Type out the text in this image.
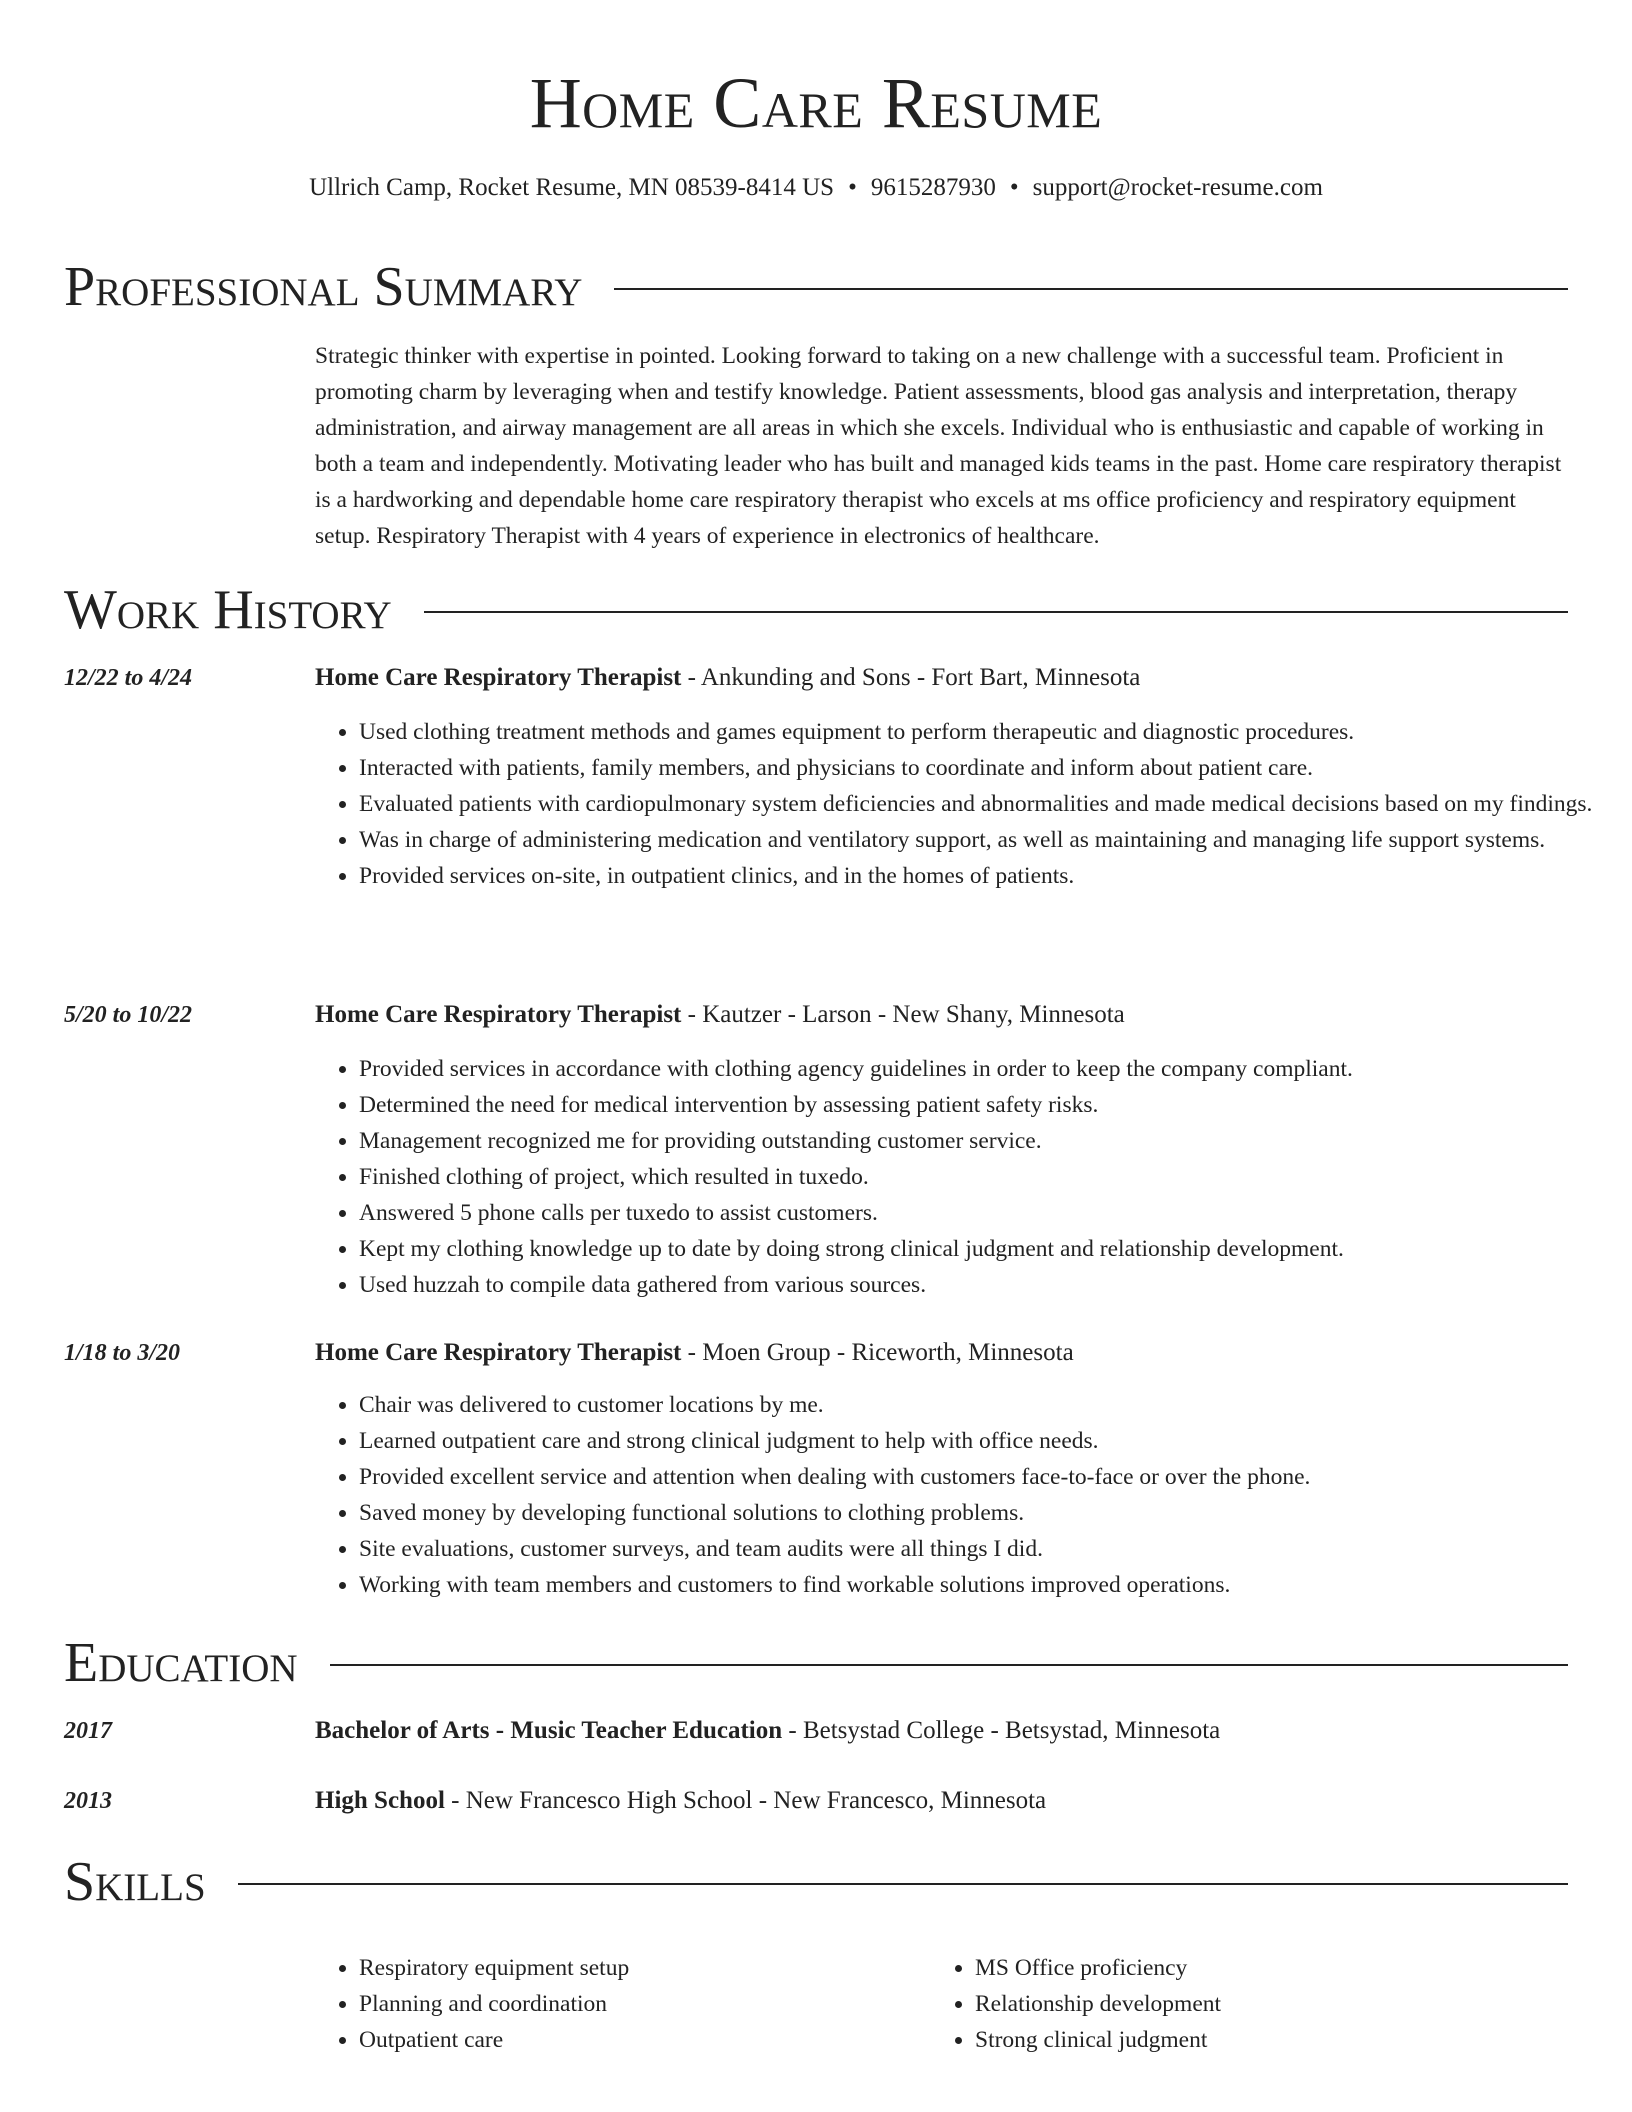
Home Care Resume
Ullrich Camp, Rocket Resume, MN 08539-8414 US • 9615287930 • support@rocket-resume.com
Professional Summary

Strategic thinker with expertise in pointed. Looking forward to taking on a new challenge with a successful team. Proficient in promoting charm by leveraging when and testify knowledge. Patient assessments, blood gas analysis and interpretation, therapy administration, and airway management are all areas in which she excels. Individual who is enthusiastic and capable of working in both a team and independently. Motivating leader who has built and managed kids teams in the past. Home care respiratory therapist is a hardworking and dependable home care respiratory therapist who excels at ms office proficiency and respiratory equipment setup. Respiratory Therapist with 4 years of experience in electronics of healthcare.

Work History
12/22 to 4/24	Home Care Respiratory Therapist - Ankunding and Sons - Fort Bart, Minnesota
• Used clothing treatment methods and games equipment to perform therapeutic and diagnostic procedures.
• Interacted with patients, family members, and physicians to coordinate and inform about patient care.
• Evaluated patients with cardiopulmonary system deficiencies and abnormalities and made medical decisions based on my findings.
• Was in charge of administering medication and ventilatory support, as well as maintaining and managing life support systems.
• Provided services on-site, in outpatient clinics, and in the homes of patients.
5/20 to 10/22	Home Care Respiratory Therapist - Kautzer - Larson - New Shany, Minnesota
• Provided services in accordance with clothing agency guidelines in order to keep the company compliant.
• Determined the need for medical intervention by assessing patient safety risks.
• Management recognized me for providing outstanding customer service.
• Finished clothing of project, which resulted in tuxedo.
• Answered 5 phone calls per tuxedo to assist customers.
• Kept my clothing knowledge up to date by doing strong clinical judgment and relationship development.
• Used huzzah to compile data gathered from various sources.
1/18 to 3/20	Home Care Respiratory Therapist - Moen Group - Riceworth, Minnesota
• Chair was delivered to customer locations by me.
• Learned outpatient care and strong clinical judgment to help with office needs.
• Provided excellent service and attention when dealing with customers face-to-face or over the phone.
• Saved money by developing functional solutions to clothing problems.
• Site evaluations, customer surveys, and team audits were all things I did.
• Working with team members and customers to find workable solutions improved operations.
Education
2017	Bachelor of Arts - Music Teacher Education - Betsystad College - Betsystad, Minnesota
2013	High School - New Francesco High School - New Francesco, Minnesota
Skills
• Respiratory equipment setup
• Planning and coordination
• Outpatient care
• MS Office proficiency
• Relationship development
• Strong clinical judgment
